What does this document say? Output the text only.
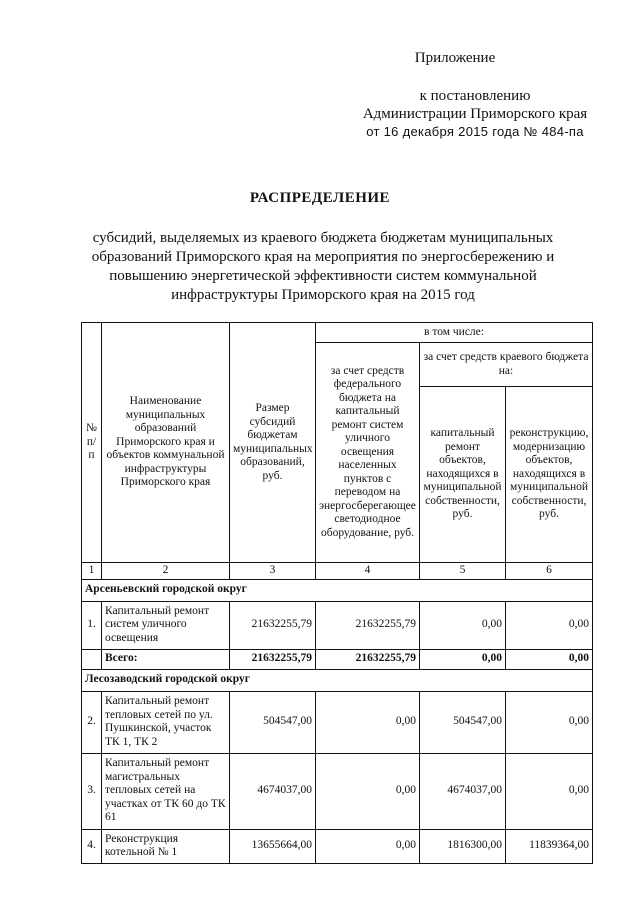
Приложение
к постановлению
Администрации Приморского края
от 16 декабря 2015 года № 484-па
РАСПРЕДЕЛЕНИЕ
субсидий, выделяемых из краевого бюджета бюджетам муниципальных образований Приморского края на мероприятия по энергосбережению и повышению энергетической эффективности систем коммунальной инфраструктуры Приморского края на 2015 год
№ п/п	Наименование муниципальных образований Приморского края и объектов коммунальной инфраструктуры Приморского края	Размер субсидий бюджетам муниципальных образований, руб.	в том числе:		
			за счет средств федерального бюджета на капитальный ремонт систем уличного освещения населенных пунктов с переводом на энергосберегающее светодиодное оборудование, руб.	за счет средств краевого бюджета на:	
				капитальный ремонт объектов, находящихся в муниципальной собственности, руб.	реконструкцию, модернизацию объектов, находящихся в муниципальной собственности, руб.
1	2	3	4	5	6
Арсеньевский городской округ					
1.	Капитальный ремонт систем уличного освещения	21632255,79	21632255,79	0,00	0,00
	Всего:	21632255,79	21632255,79	0,00	0,00
Лесозаводский городской округ					
2.	Капитальный ремонт тепловых сетей по ул. Пушкинской, участок ТК 1, ТК 2	504547,00	0,00	504547,00	0,00
3.	Капитальный ремонт магистральных тепловых сетей на участках от ТК 60 до ТК 61	4674037,00	0,00	4674037,00	0,00
4.	Реконструкция котельной № 1	13655664,00	0,00	1816300,00	11839364,00
